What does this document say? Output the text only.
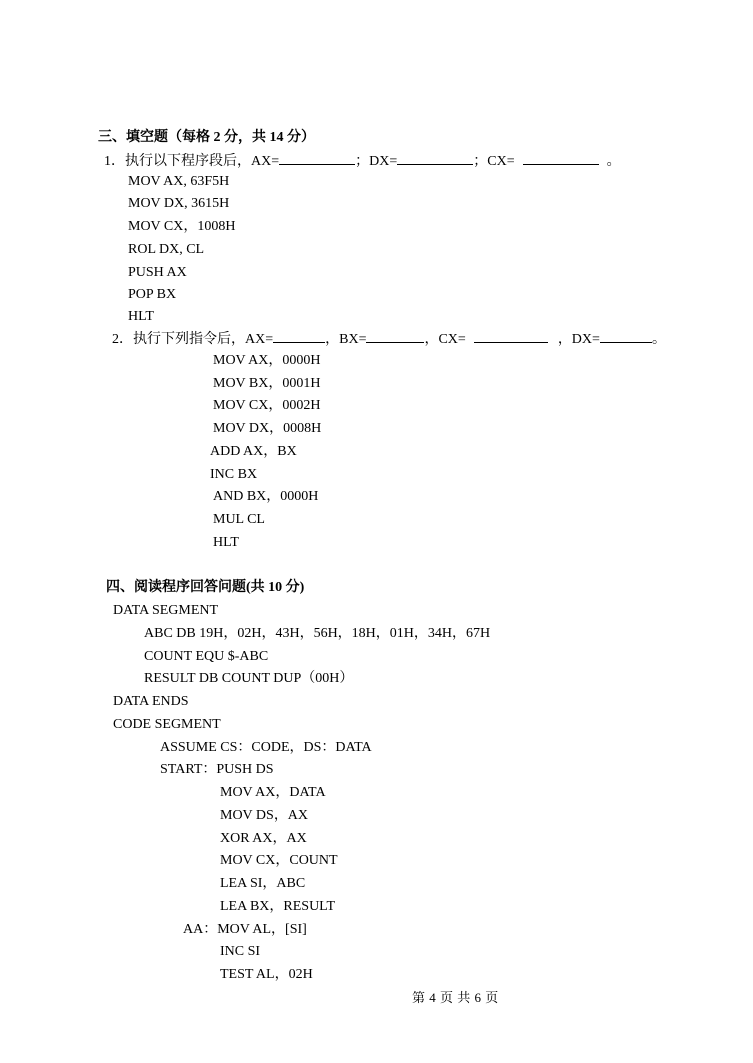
三、填空题（每格 2 分，共 14 分）
1．执行以下程序段后，AX=	；DX=	；CX=	。
MOV AX, 63F5H
MOV DX, 3615H
MOV CX，1008H
ROL DX, CL
PUSH AX
POP BX
HLT
2．执行下列指令后，AX=	，BX=	，CX=	，DX=	。
MOV AX，0000H
MOV BX，0001H
MOV CX，0002H
MOV DX，0008H
ADD AX，BX
INC BX
AND BX，0000H
MUL CL
HLT
四、阅读程序回答问题(共 10 分)
DATA SEGMENT
ABC DB 19H，02H，43H，56H，18H，01H，34H，67H
COUNT EQU $-ABC
RESULT DB COUNT DUP（00H）
DATA ENDS
CODE SEGMENT
ASSUME CS：CODE，DS：DATA
START：PUSH DS
MOV AX，DATA
MOV DS，AX
XOR AX，AX
MOV CX，COUNT
LEA SI，ABC
LEA BX，RESULT
AA：MOV AL，[SI]
INC SI
TEST AL，02H
第 4 页 共 6 页
